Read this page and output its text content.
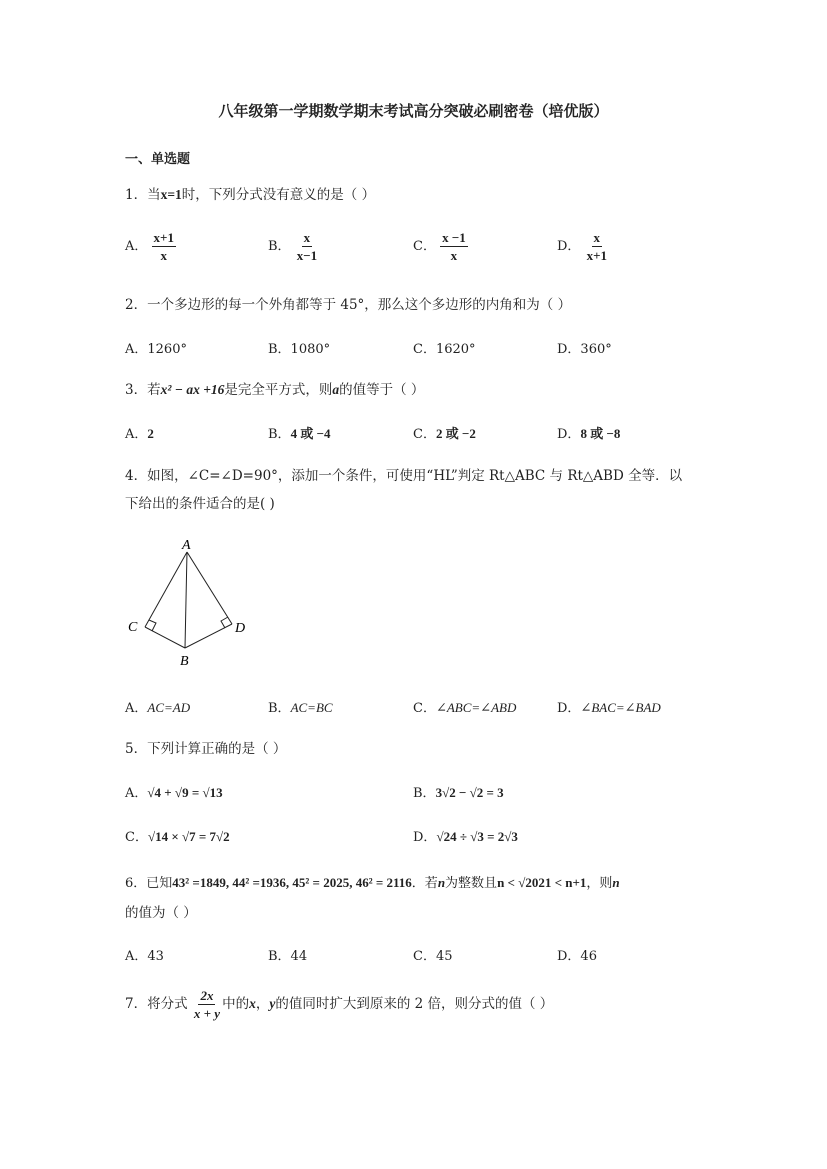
八年级第一学期数学期末考试高分突破必刷密卷（培优版）
一、单选题
1．当x=1时，下列分式没有意义的是（ ）
A． $\frac{x+1}{x}$	B． $\frac{x}{x-1}$	C． $\frac{x -1}{x}$	D． $\frac{x}{x+1}$
2．一个多边形的每一个外角都等于 45°，那么这个多边形的内角和为（ ）
A．1260°	B．1080°	C．1620°	D．360°
3．若x² − ax +16是完全平方式，则a的值等于（ ）
A．2	B．4 或 −4	C．2 或 −2	D．8 或 −8
4．如图，∠C=∠D=90°，添加一个条件，可使用“HL”判定 Rt△ABC 与 Rt△ABD 全等．以
下给出的条件适合的是( )
A
B
C	D
A．AC=AD	B．AC=BC	C．∠ABC=∠ABD	D．∠BAC=∠BAD
5．下列计算正确的是（ ）
A．√4 + √9 = √13	B．3√2 − √2 = 3
C．√14 × √7 = 7√2	D．√24 ÷ √3 = 2√3
6．已知43² =1849, 44² =1936, 45² = 2025, 46² = 2116．若n为整数且n < √2021 < n+1，则n
的值为（ ）
A．43	B．44	C．45	D．46
7．将分式 $\frac{2x}{x + y}$ 中的x，y的值同时扩大到原来的 2 倍，则分式的值（ ）
